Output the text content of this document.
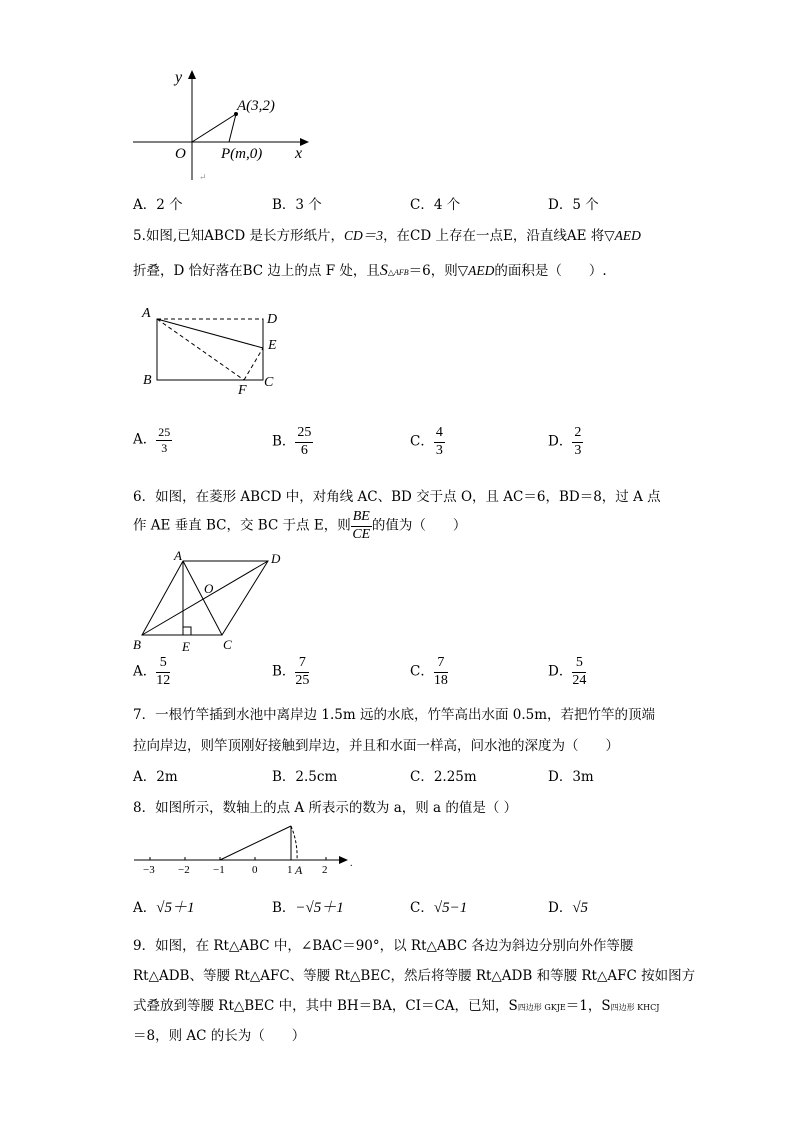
y
x
O
A(3,2)
P(m,0)
↵
A．2 个	B．3 个	C．4 个	D．5 个
5.如图,已知ABCD 是长方形纸片，CD＝3，在CD 上存在一点E，沿直线AE 将▽AED
折叠，D 恰好落在BC 边上的点 F 处，且S△AFB＝6，则▽AED的面积是（　　）.
A	D
E
B	C
F
A． $\frac{25}{3}$	B． $\frac{25}{6}$	C． $\frac{4}{3}$	D． $\frac{2}{3}$
6．如图，在菱形 ABCD 中，对角线 AC、BD 交于点 O，且 AC＝6，BD＝8，过 A 点
作 AE 垂直 BC，交 BC 于点 E，则 $\frac{BE}{CE}$ 的值为（　　）
A	D
O
B	E	C
A． $\frac{5}{12}$	B． $\frac{7}{25}$	C． $\frac{7}{18}$	D． $\frac{5}{24}$
7．一根竹竿插到水池中离岸边 1.5m 远的水底，竹竿高出水面 0.5m，若把竹竿的顶端
拉向岸边，则竿顶刚好接触到岸边，并且和水面一样高，问水池的深度为（　　）
A．2m	B．2.5cm	C．2.25m	D．3m
8．如图所示，数轴上的点 A 所表示的数为 a，则 a 的值是（ ）
−3 −2 −1 0	1	2
A	.
A．√5＋1	B．−√5＋1	C．√5−1	D．√5
9．如图，在 Rt△ABC 中，∠BAC＝90°，以 Rt△ABC 各边为斜边分别向外作等腰
Rt△ADB、等腰 Rt△AFC、等腰 Rt△BEC，然后将等腰 Rt△ADB 和等腰 Rt△AFC 按如图方
式叠放到等腰 Rt△BEC 中，其中 BH＝BA，CI＝CA，已知，S四边形 GKJE＝1，S四边形 KHCJ
＝8，则 AC 的长为（　　）
